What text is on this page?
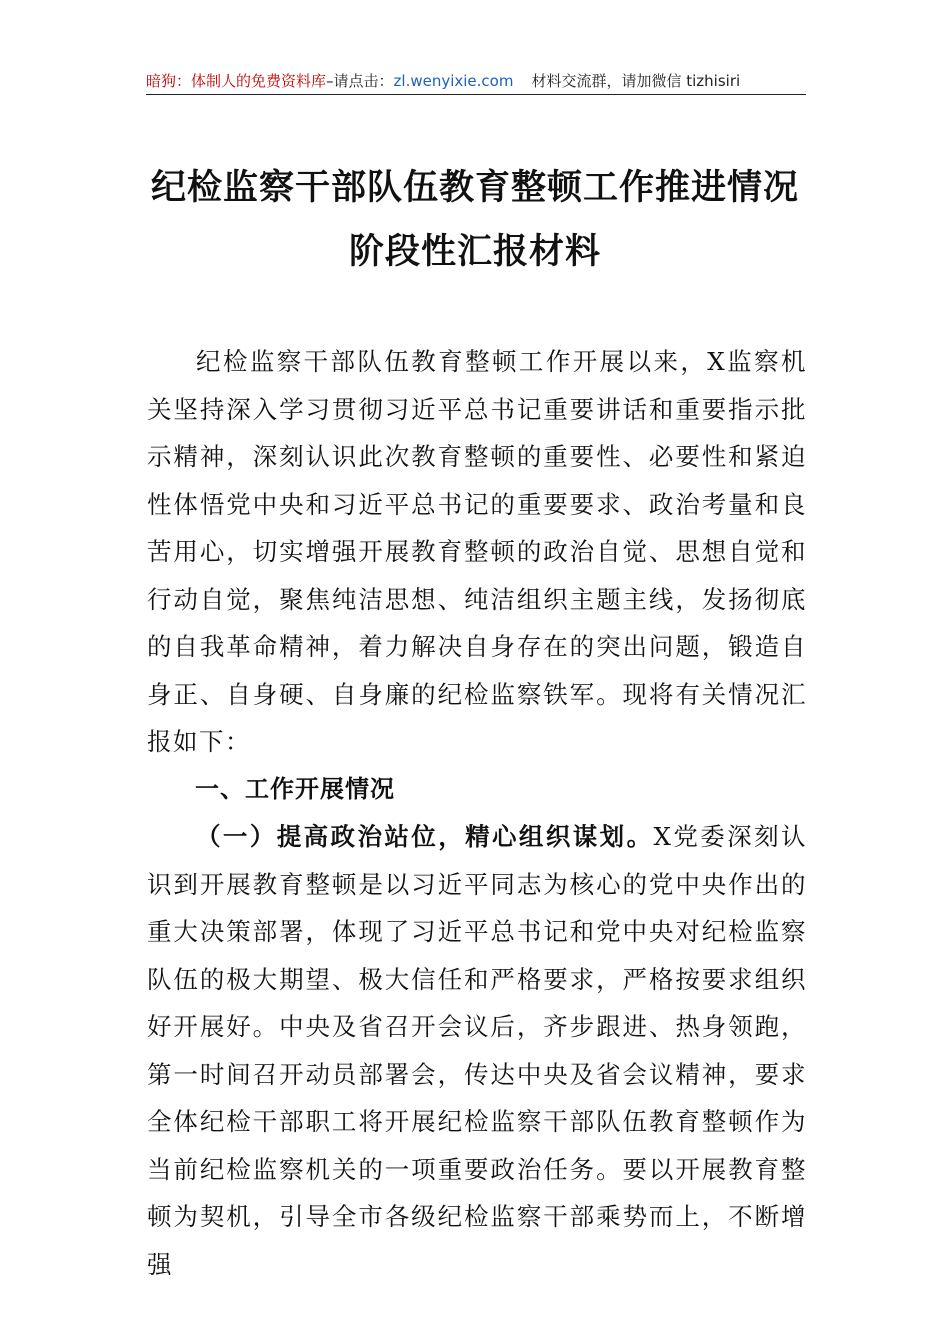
暗狗：体制人的免费资料库–请点击：zl.wenyixie.com 材料交流群，请加微信 tizhisiri
纪检监察干部队伍教育整顿工作推进情况
阶段性汇报材料

纪检监察干部队伍教育整顿工作开展以来，X监察机关坚持深入学习贯彻习近平总书记重要讲话和重要指示批示精神，深刻认识此次教育整顿的重要性、必要性和紧迫性体悟党中央和习近平总书记的重要要求、政治考量和良苦用心，切实增强开展教育整顿的政治自觉、思想自觉和行动自觉，聚焦纯洁思想、纯洁组织主题主线，发扬彻底的自我革命精神，着力解决自身存在的突出问题，锻造自身正、自身硬、自身廉的纪检监察铁军。现将有关情况汇报如下：

一、工作开展情况

（一）提高政治站位，精心组织谋划。X党委深刻认识到开展教育整顿是以习近平同志为核心的党中央作出的重大决策部署，体现了习近平总书记和党中央对纪检监察队伍的极大期望、极大信任和严格要求，严格按要求组织好开展好。中央及省召开会议后，齐步跟进、热身领跑，第一时间召开动员部署会，传达中央及省会议精神，要求全体纪检干部职工将开展纪检监察干部队伍教育整顿作为当前纪检监察机关的一项重要政治任务。要以开展教育整顿为契机，引导全市各级纪检监察干部乘势而上，不断增强
